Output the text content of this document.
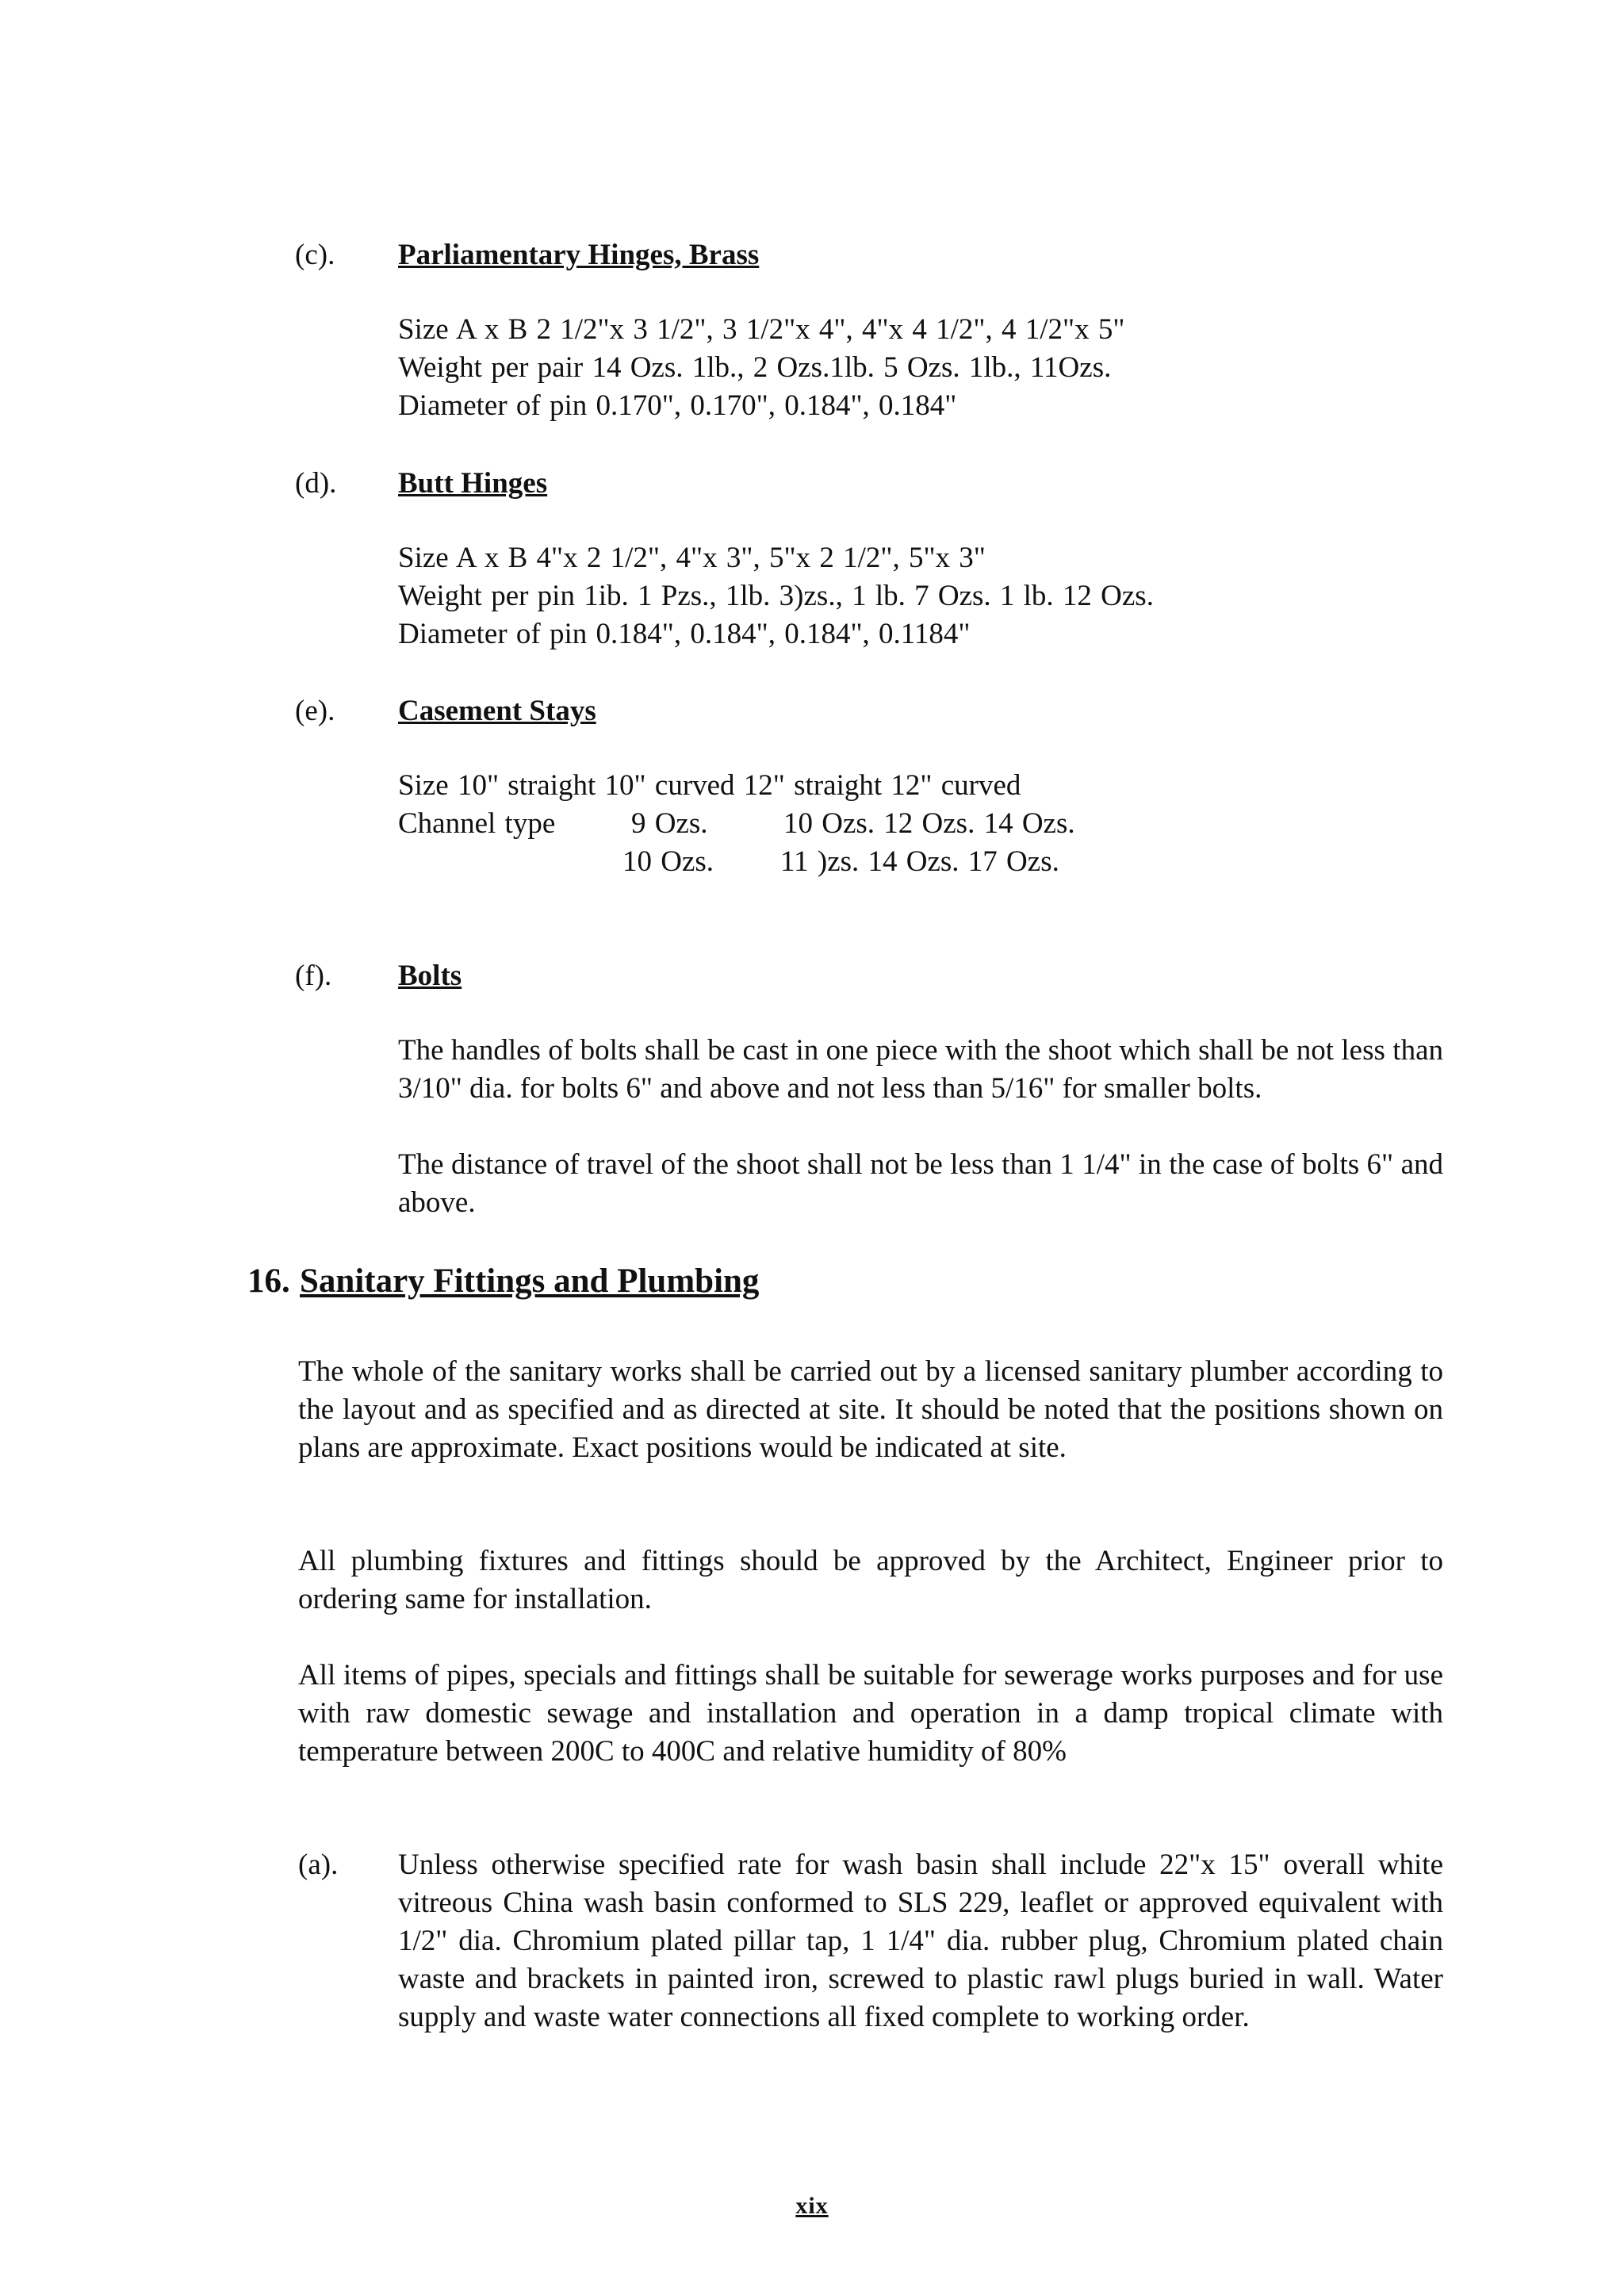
(c). Parliamentary Hinges, Brass
Size A x B 2 1/2"x 3 1/2", 3 1/2"x 4", 4"x 4 1/2", 4 1/2"x 5"
Weight per pair 14 Ozs. 1lb., 2 Ozs.1lb. 5 Ozs. 1lb., 11Ozs.
Diameter of pin 0.170", 0.170", 0.184", 0.184"
(d). Butt Hinges
Size A x B 4"x 2 1/2", 4"x 3", 5"x 2 1/2", 5"x 3"
Weight per pin 1ib. 1 Pzs., 1lb. 3)zs., 1 lb. 7 Ozs. 1 lb. 12 Ozs.
Diameter of pin 0.184", 0.184", 0.184", 0.1184"
(e). Casement Stays
Size 10" straight 10" curved 12" straight 12" curved
Channel type	9 Ozs.	10 Ozs. 12 Ozs. 14 Ozs.
10 Ozs. 11 )zs. 14 Ozs. 17 Ozs.
(f). Bolts
The handles of bolts shall be cast in one piece with the shoot which shall be not less than 3/10" dia. for bolts 6" and above and not less than 5/16" for smaller bolts.
The distance of travel of the shoot shall not be less than 1 1/4" in the case of bolts 6" and above.
16. Sanitary Fittings and Plumbing
The whole of the sanitary works shall be carried out by a licensed sanitary plumber according to the layout and as specified and as directed at site. It should be noted that the positions shown on plans are approximate. Exact positions would be indicated at site.
All plumbing fixtures and fittings should be approved by the Architect, Engineer prior to ordering same for installation.
All items of pipes, specials and fittings shall be suitable for sewerage works purposes and for use with raw domestic sewage and installation and operation in a damp tropical climate with temperature between 200C to 400C and relative humidity of 80%
(a). Unless otherwise specified rate for wash basin shall include 22"x 15" overall white vitreous China wash basin conformed to SLS 229, leaflet or approved equivalent with 1/2" dia. Chromium plated pillar tap, 1 1/4" dia. rubber plug, Chromium plated chain waste and brackets in painted iron, screwed to plastic rawl plugs buried in wall. Water supply and waste water connections all fixed complete to working order.
xix
